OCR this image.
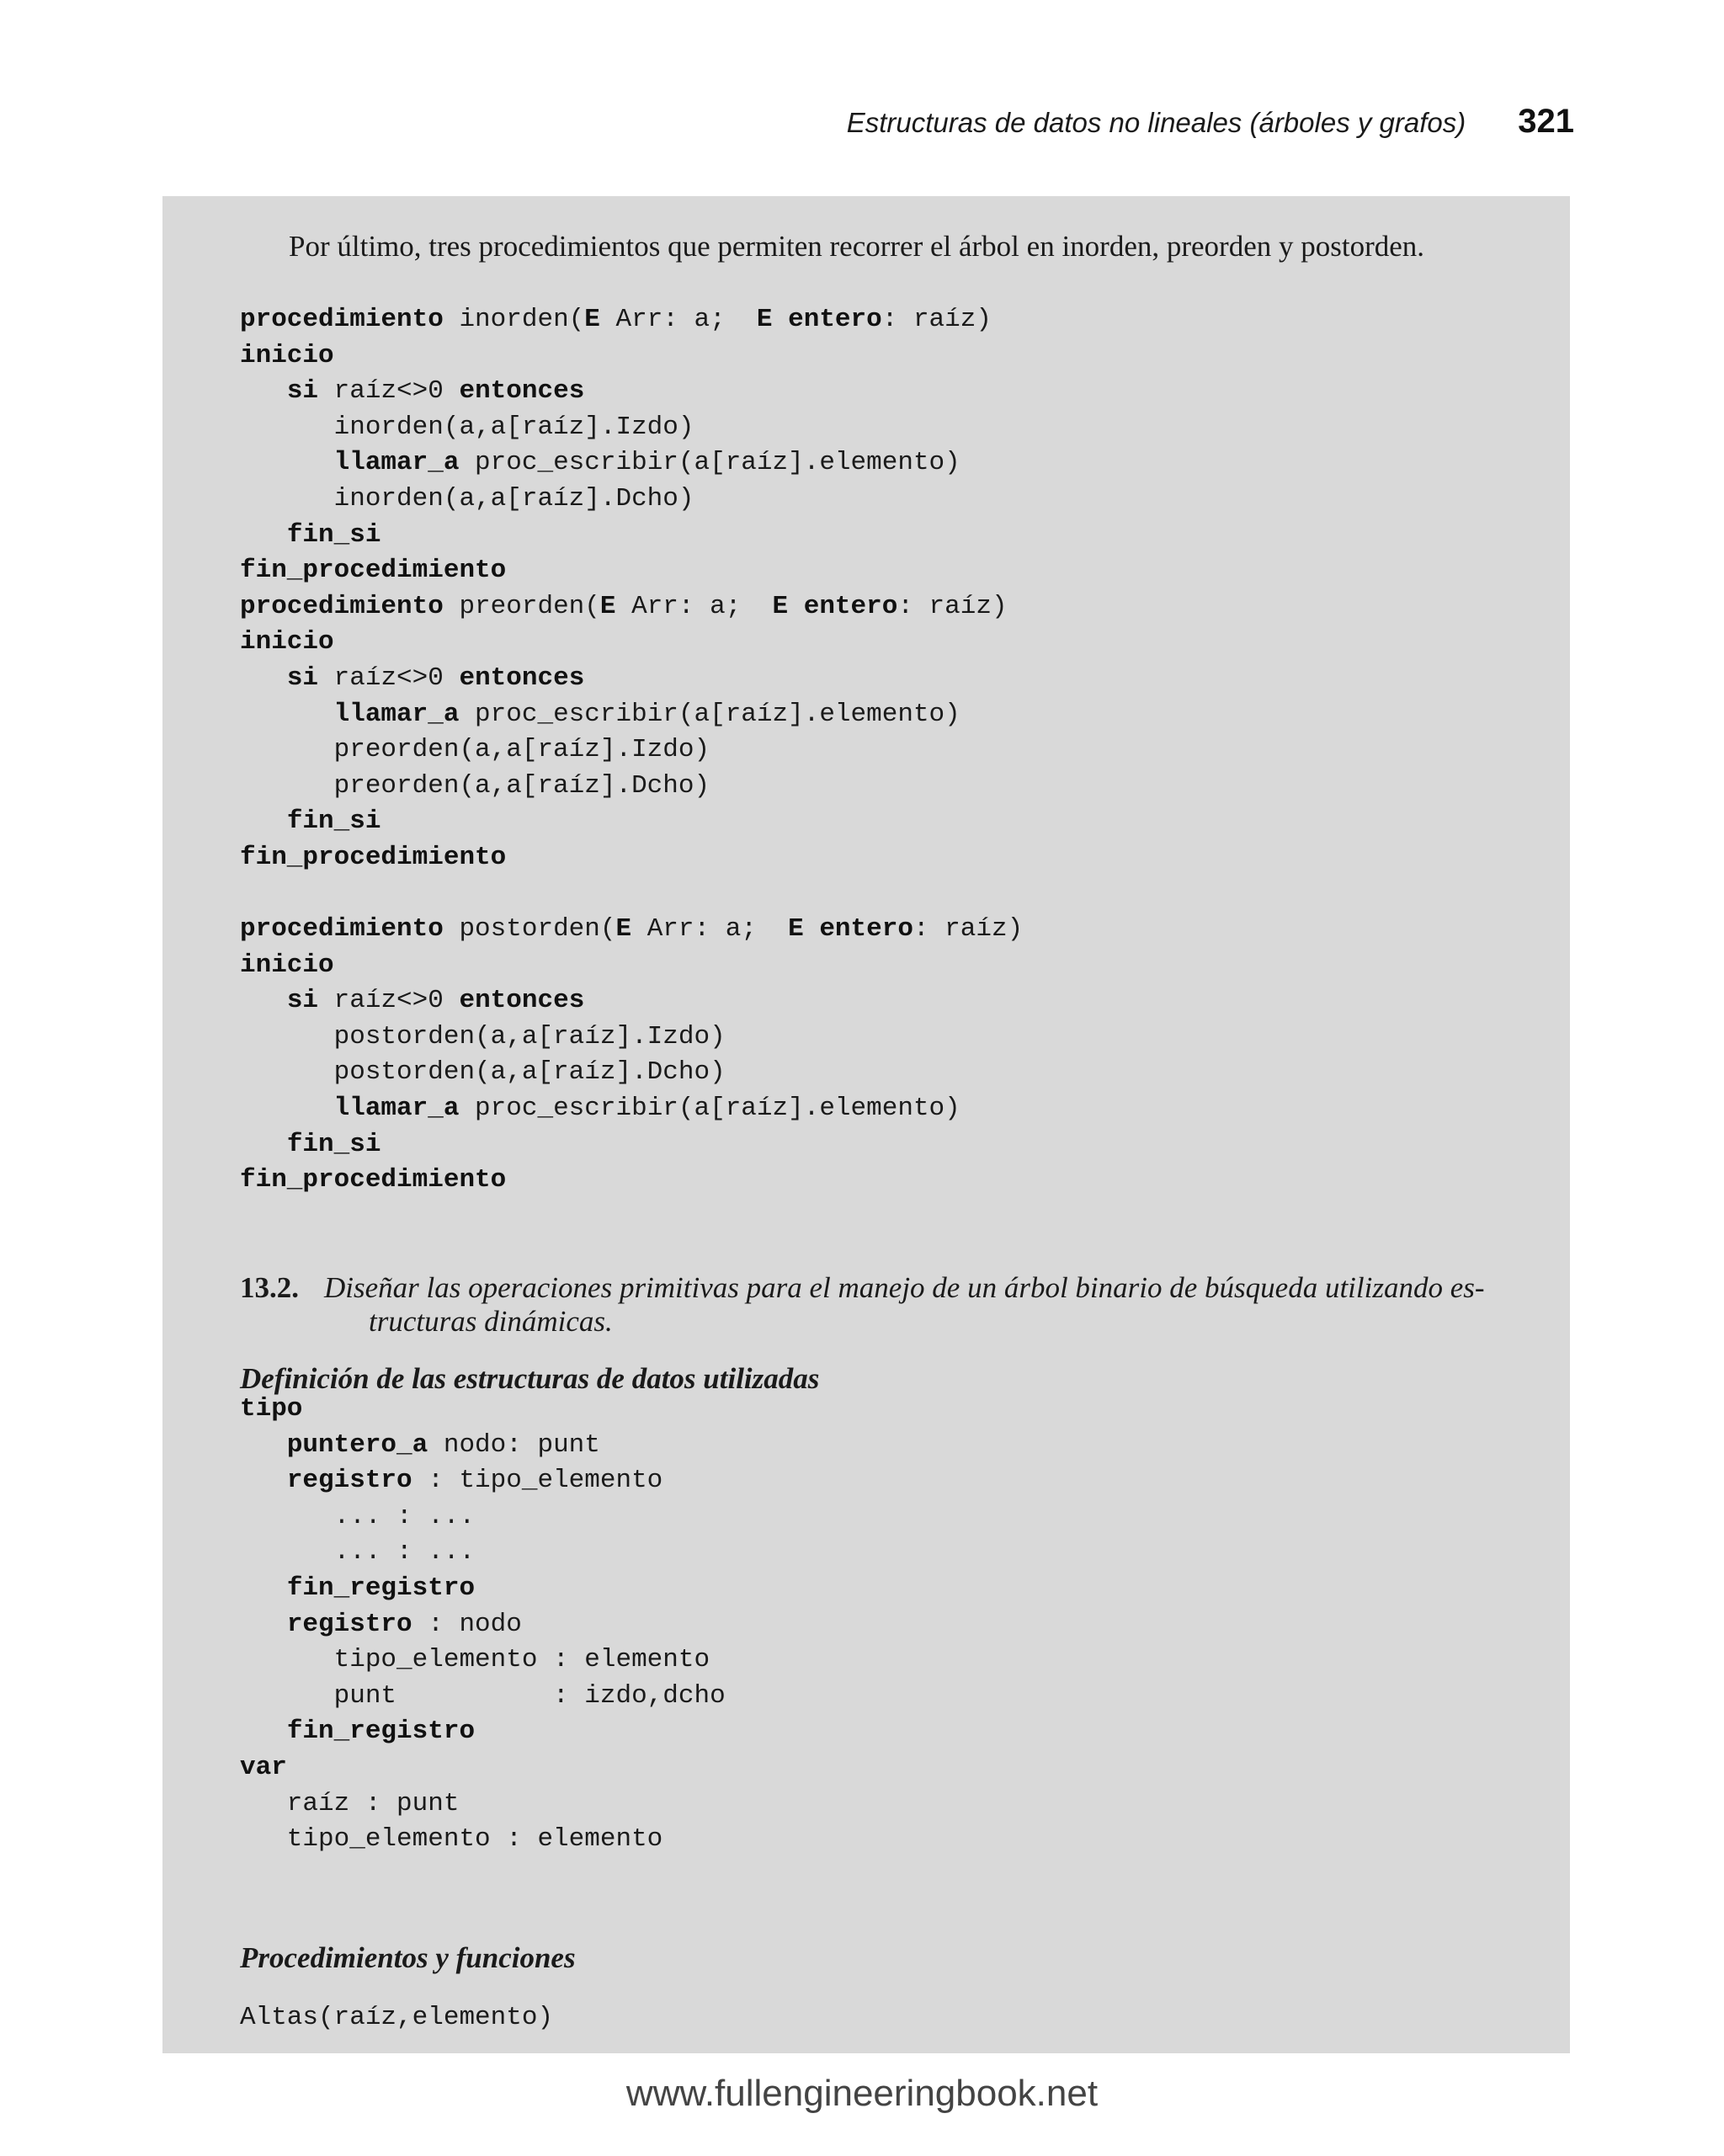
Estructuras de datos no lineales (árboles y grafos) 321
Por último, tres procedimientos que permiten recorrer el árbol en inorden, preorden y postorden.
procedimiento inorden(E Arr: a;  E entero: raíz)
inicio
si raíz<>0 entonces
inorden(a,a[raíz].Izdo)
llamar_a proc_escribir(a[raíz].elemento)
inorden(a,a[raíz].Dcho)
fin_si
fin_procedimiento
procedimiento preorden(E Arr: a;  E entero: raíz)
inicio
si raíz<>0 entonces
llamar_a proc_escribir(a[raíz].elemento)
preorden(a,a[raíz].Izdo)
preorden(a,a[raíz].Dcho)
fin_si
fin_procedimiento

procedimiento postorden(E Arr: a;  E entero: raíz)
inicio
si raíz<>0 entonces
postorden(a,a[raíz].Izdo)
postorden(a,a[raíz].Dcho)
llamar_a proc_escribir(a[raíz].elemento)
fin_si
fin_procedimiento
13.2. Diseñar las operaciones primitivas para el manejo de un árbol binario de búsqueda utilizando es-
tructuras dinámicas.
Definición de las estructuras de datos utilizadas
tipo
puntero_a nodo: punt
registro : tipo_elemento
... : ...
... : ...
fin_registro
registro : nodo
tipo_elemento : elemento
punt          : izdo,dcho
fin_registro
var
raíz : punt
tipo_elemento : elemento
Procedimientos y funciones
Altas(raíz,elemento)
www.fullengineeringbook.net
